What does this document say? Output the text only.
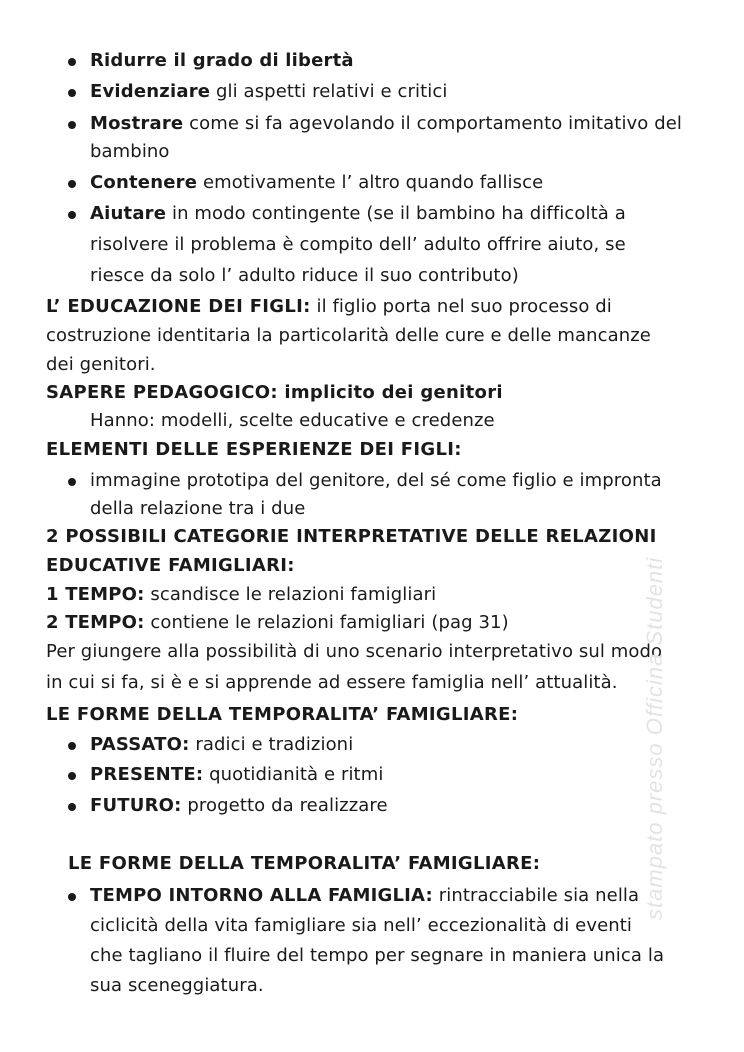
Ridurre il grado di libertà
Evidenziare gli aspetti relativi e critici
Mostrare come si fa agevolando il comportamento imitativo del
bambino
Contenere emotivamente l’ altro quando fallisce
Aiutare in modo contingente (se il bambino ha difficoltà a
risolvere il problema è compito dell’ adulto offrire aiuto, se
riesce da solo l’ adulto riduce il suo contributo)
L’ EDUCAZIONE DEI FIGLI: il figlio porta nel suo processo di
costruzione identitaria la particolarità delle cure e delle mancanze
dei genitori.
SAPERE PEDAGOGICO: implicito dei genitori
Hanno: modelli, scelte educative e credenze
ELEMENTI DELLE ESPERIENZE DEI FIGLI:
immagine prototipa del genitore, del sé come figlio e impronta
della relazione tra i due
2 POSSIBILI CATEGORIE INTERPRETATIVE DELLE RELAZIONI
EDUCATIVE FAMIGLIARI:
1 TEMPO: scandisce le relazioni famigliari
2 TEMPO: contiene le relazioni famigliari (pag 31)
Per giungere alla possibilità di uno scenario interpretativo sul modo
in cui si fa, si è e si apprende ad essere famiglia nell’ attualità.
LE FORME DELLA TEMPORALITA’ FAMIGLIARE:
PASSATO: radici e tradizioni
PRESENTE: quotidianità e ritmi
FUTURO: progetto da realizzare
LE FORME DELLA TEMPORALITA’ FAMIGLIARE:
TEMPO INTORNO ALLA FAMIGLIA: rintracciabile sia nella
ciclicità della vita famigliare sia nell’ eccezionalità di eventi
che tagliano il fluire del tempo per segnare in maniera unica la
sua sceneggiatura.
stampato presso Officina Studenti
